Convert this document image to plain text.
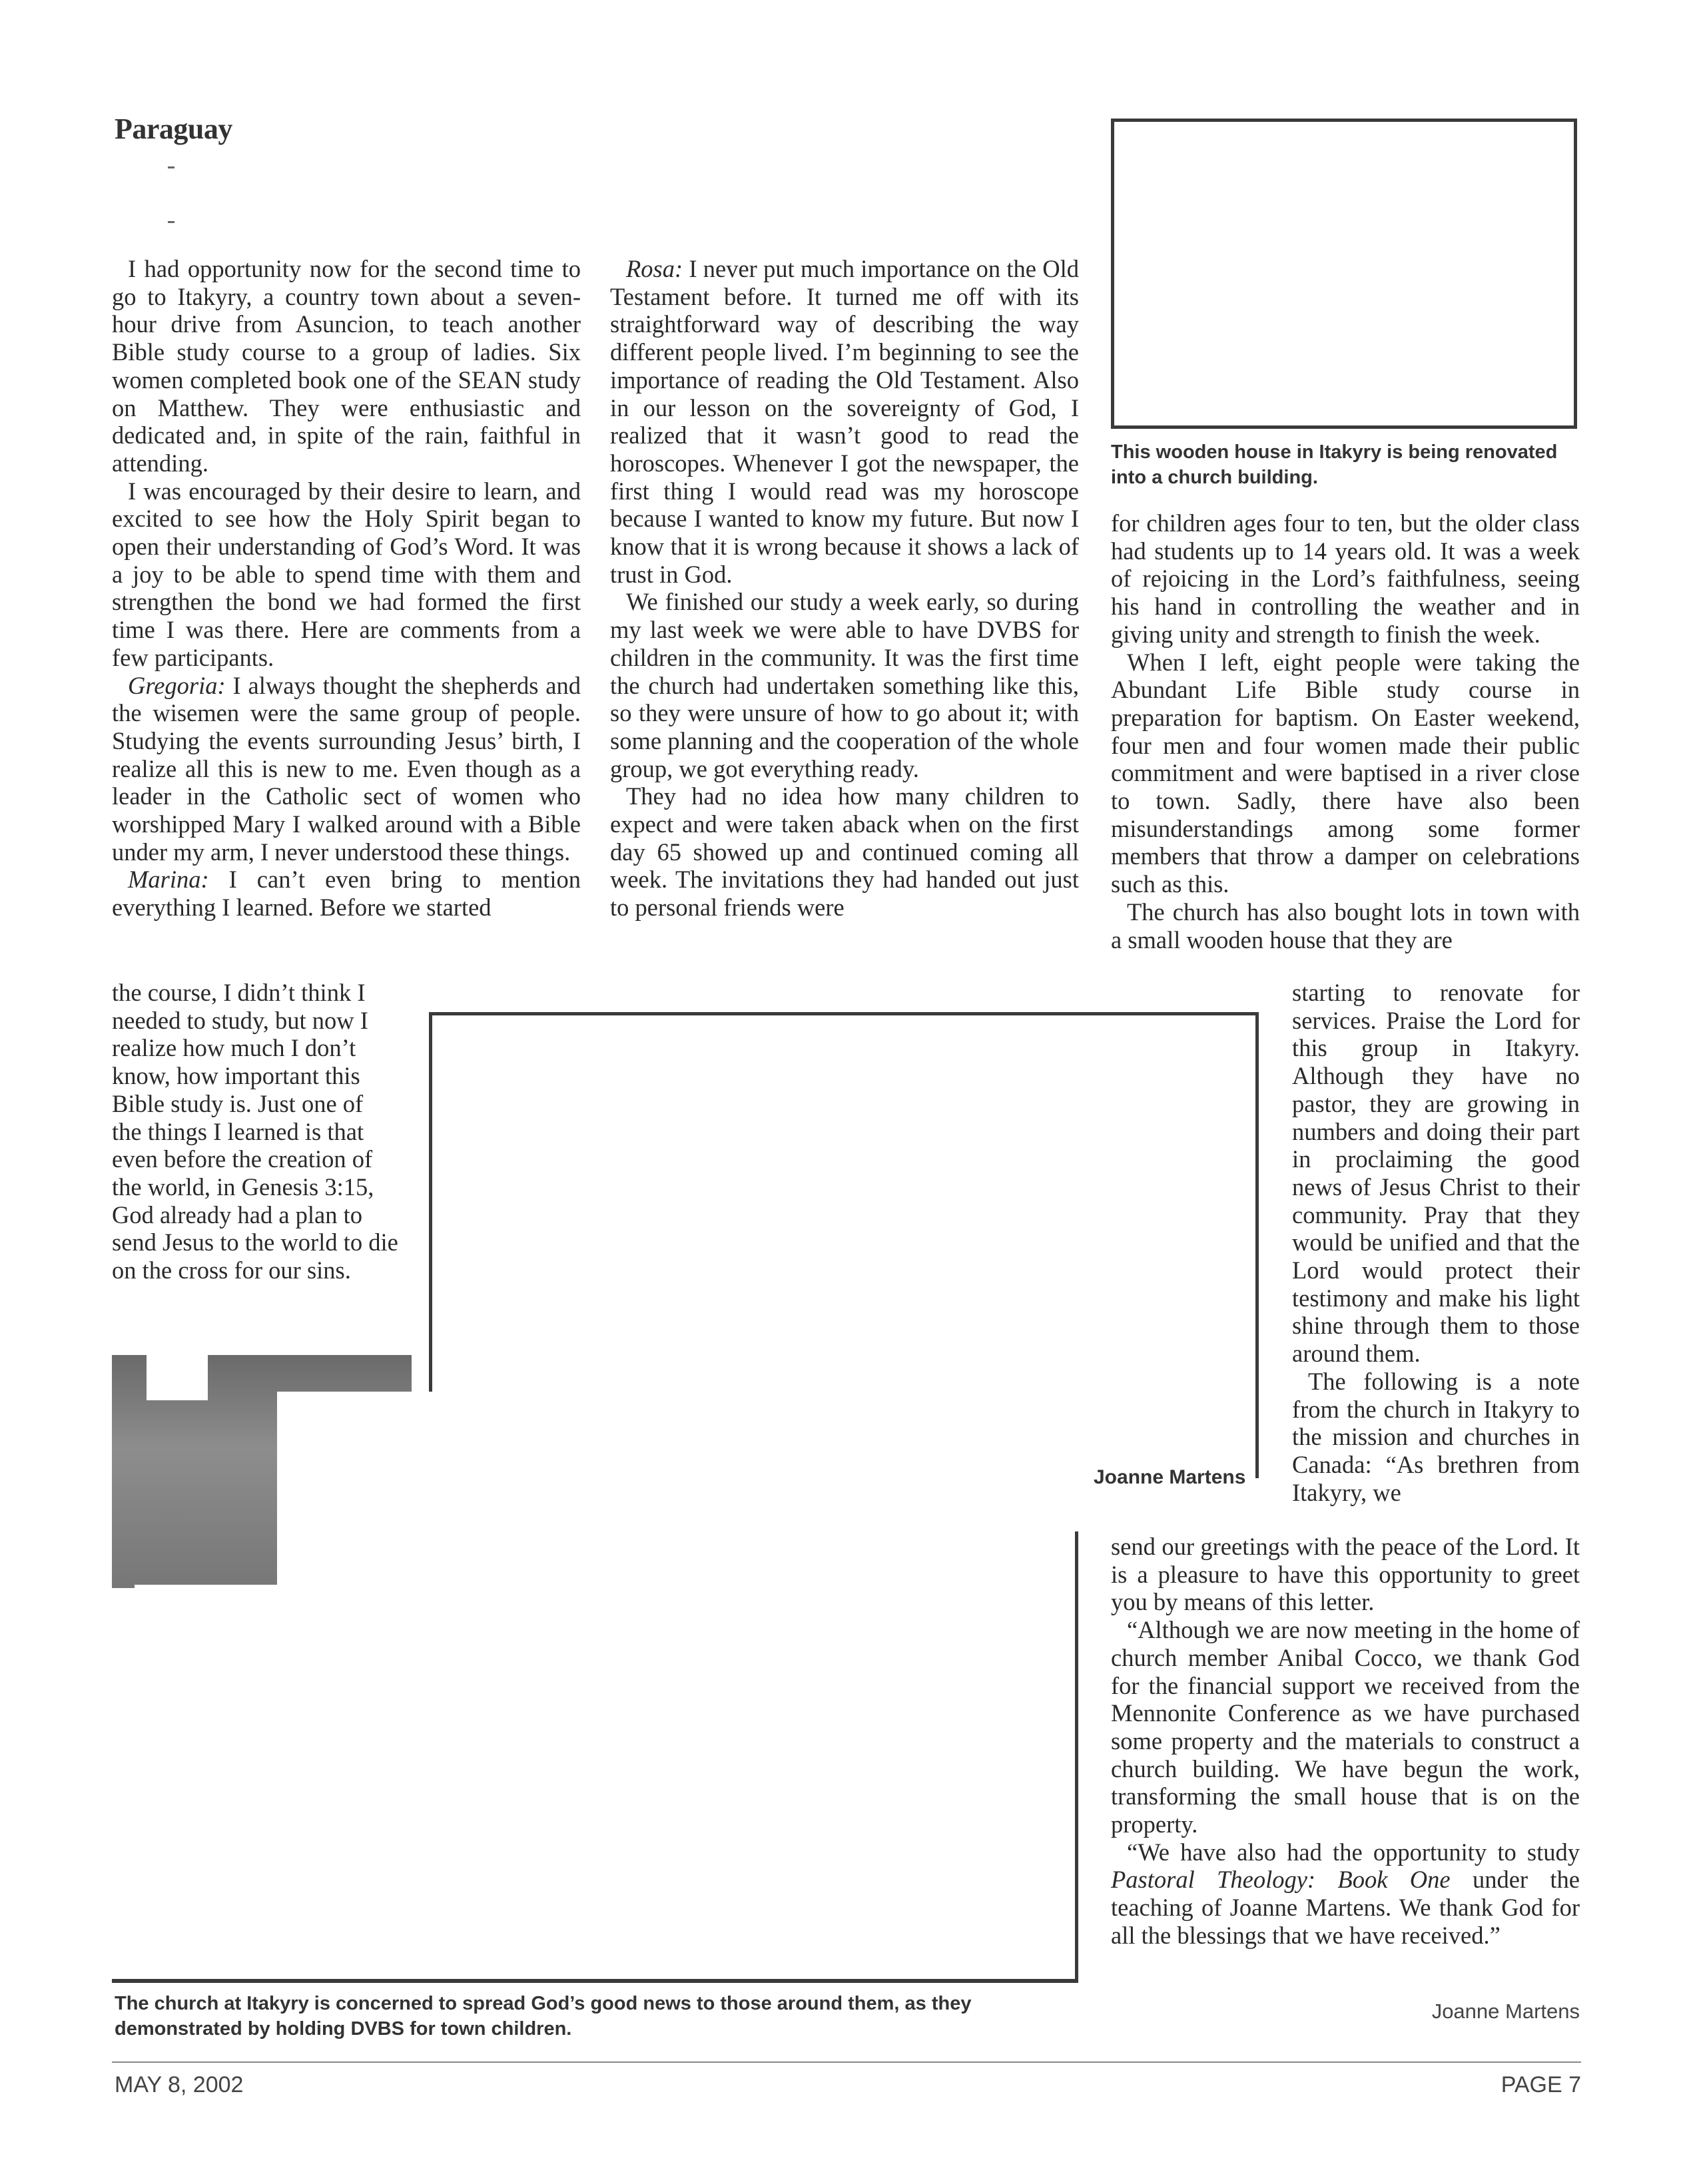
Paraguay

I had opportunity now for the second time to go to Itakyry, a country town about a seven-hour drive from Asuncion, to teach another Bible study course to a group of ladies. Six women completed book one of the SEAN study on Matthew. They were enthusiastic and dedicated and, in spite of the rain, faithful in attending.

I was encouraged by their desire to learn, and excited to see how the Holy Spirit began to open their understanding of God’s Word. It was a joy to be able to spend time with them and strengthen the bond we had formed the first time I was there. Here are comments from a few participants.

Gregoria: I always thought the shepherds and the wisemen were the same group of people. Studying the events surrounding Jesus’ birth, I realize all this is new to me. Even though as a leader in the Catholic sect of women who worshipped Mary I walked around with a Bible under my arm, I never understood these things.

Marina: I can’t even bring to mention everything I learned. Before we started

the course, I didn’t think I needed to study, but now I realize how much I don’t know, how important this Bible study is. Just one of the things I learned is that even before the creation of the world, in Genesis 3:15, God already had a plan to send Jesus to the world to die on the cross for our sins.

Rosa: I never put much importance on the Old Testament before. It turned me off with its straightforward way of describing the way different people lived. I’m beginning to see the importance of reading the Old Testament. Also in our lesson on the sovereignty of God, I realized that it wasn’t good to read the horoscopes. Whenever I got the newspaper, the first thing I would read was my horoscope because I wanted to know my future. But now I know that it is wrong because it shows a lack of trust in God.

We finished our study a week early, so during my last week we were able to have DVBS for children in the community. It was the first time the church had undertaken something like this, so they were unsure of how to go about it; with some planning and the cooperation of the whole group, we got everything ready.

They had no idea how many children to expect and were taken aback when on the first day 65 showed up and continued coming all week. The invitations they had handed out just to personal friends were

This wooden house in Itakyry is being renovated into a church building.

for children ages four to ten, but the older class had students up to 14 years old. It was a week of rejoicing in the Lord’s faithfulness, seeing his hand in controlling the weather and in giving unity and strength to finish the week.

When I left, eight people were taking the Abundant Life Bible study course in preparation for baptism. On Easter weekend, four men and four women made their public commitment and were baptised in a river close to town. Sadly, there have also been misunderstandings among some former members that throw a damper on celebrations such as this.

The church has also bought lots in town with a small wooden house that they are

starting to renovate for services. Praise the Lord for this group in Itakyry. Although they have no pastor, they are growing in numbers and doing their part in proclaiming the good news of Jesus Christ to their community. Pray that they would be unified and that the Lord would protect their testimony and make his light shine through them to those around them.

The following is a note from the church in Itakyry to the mission and churches in Canada: “As brethren from Itakyry, we

Joanne Martens

send our greetings with the peace of the Lord. It is a pleasure to have this opportunity to greet you by means of this letter.

“Although we are now meeting in the home of church member Anibal Cocco, we thank God for the financial support we received from the Mennonite Conference as we have purchased some property and the materials to construct a church building. We have begun the work, transforming the small house that is on the property.

“We have also had the opportunity to study Pastoral Theology: Book One under the teaching of Joanne Martens. We thank God for all the blessings that we have received.”

Joanne Martens
The church at Itakyry is concerned to spread God’s good news to those around them, as they demonstrated by holding DVBS for town children.
MAY 8, 2002	PAGE 7
